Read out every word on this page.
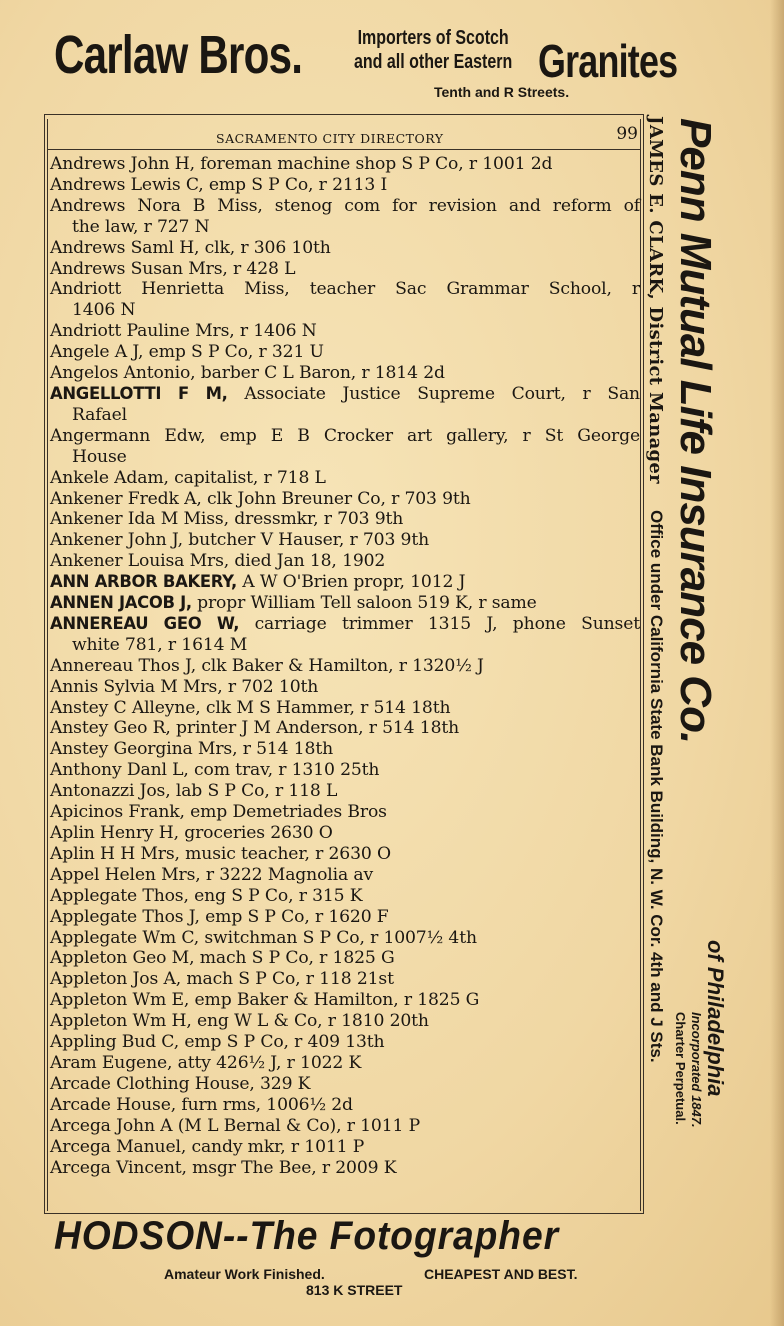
Carlaw Bros.	Importers of Scotch
and all other Eastern Granites
Tenth and R Streets.
SACRAMENTO CITY DIRECTORY	99
Andrews John H, foreman machine shop S P Co, r 1001 2d
Andrews Lewis C, emp S P Co, r 2113 I
Andrews Nora B Miss, stenog com for revision and reform of
the law, r 727 N
Andrews Saml H, clk, r 306 10th
Andrews Susan Mrs, r 428 L
Andriott Henrietta Miss, teacher Sac Grammar School, r
1406 N
Andriott Pauline Mrs, r 1406 N
Angele A J, emp S P Co, r 321 U
Angelos Antonio, barber C L Baron, r 1814 2d
ANGELLOTTI F M, Associate Justice Supreme Court, r San
Rafael
Angermann Edw, emp E B Crocker art gallery, r St George
House
Ankele Adam, capitalist, r 718 L
Ankener Fredk A, clk John Breuner Co, r 703 9th
Ankener Ida M Miss, dressmkr, r 703 9th
Ankener John J, butcher V Hauser, r 703 9th
Ankener Louisa Mrs, died Jan 18, 1902
ANN ARBOR BAKERY, A W O'Brien propr, 1012 J
ANNEN JACOB J, propr William Tell saloon 519 K, r same
ANNEREAU GEO W, carriage trimmer 1315 J, phone Sunset
white 781, r 1614 M
Annereau Thos J, clk Baker & Hamilton, r 1320½ J
Annis Sylvia M Mrs, r 702 10th
Anstey C Alleyne, clk M S Hammer, r 514 18th
Anstey Geo R, printer J M Anderson, r 514 18th
Anstey Georgina Mrs, r 514 18th
Anthony Danl L, com trav, r 1310 25th
Antonazzi Jos, lab S P Co, r 118 L
Apicinos Frank, emp Demetriades Bros
Aplin Henry H, groceries 2630 O
Aplin H H Mrs, music teacher, r 2630 O
Appel Helen Mrs, r 3222 Magnolia av
Applegate Thos, eng S P Co, r 315 K
Applegate Thos J, emp S P Co, r 1620 F
Applegate Wm C, switchman S P Co, r 1007½ 4th
Appleton Geo M, mach S P Co, r 1825 G
Appleton Jos A, mach S P Co, r 118 21st
Appleton Wm E, emp Baker & Hamilton, r 1825 G
Appleton Wm H, eng W L & Co, r 1810 20th
Appling Bud C, emp S P Co, r 409 13th
Aram Eugene, atty 426½ J, r 1022 K
Arcade Clothing House, 329 K
Arcade House, furn rms, 1006½ 2d
Arcega John A (M L Bernal & Co), r 1011 P
Arcega Manuel, candy mkr, r 1011 P
Arcega Vincent, msgr The Bee, r 2009 K
Penn Mutual Life Insurance Co.
JAMES E. CLARK, District Manager
Office under California State Bank Building, N. W. Cor. 4th and J Sts. of Philadelphia
Incorporated 1847.
Charter Perpetual.
HODSON--The Fotographer
Amateur Work Finished.	CHEAPEST AND BEST.
813 K STREET
